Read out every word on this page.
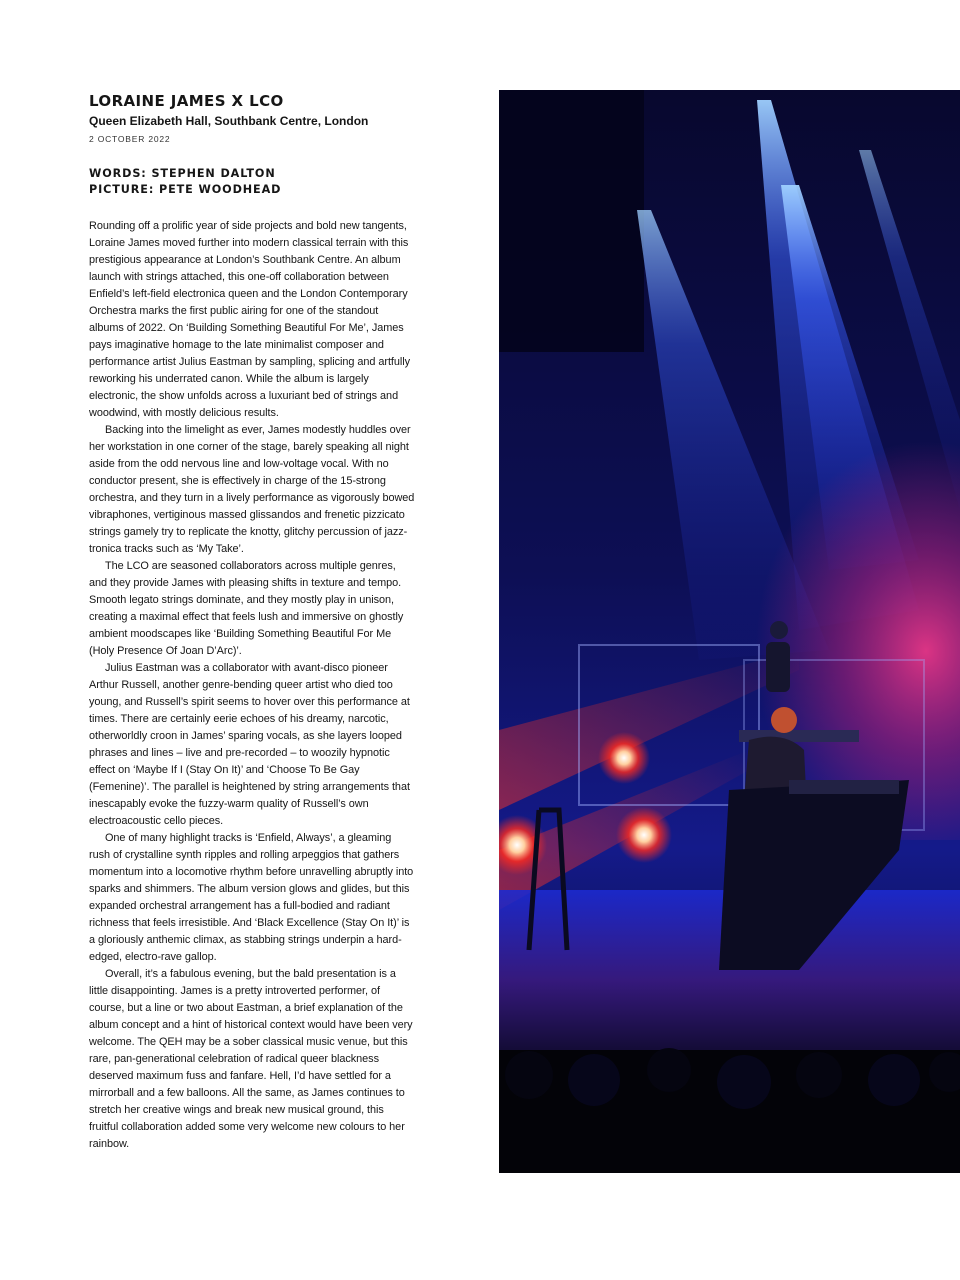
LORAINE JAMES X LCO

Queen Elizabeth Hall, Southbank Centre, London

2 OCTOBER 2022

WORDS: STEPHEN DALTON

PICTURE: PETE WOODHEAD

Rounding off a prolific year of side projects and bold new tangents, Loraine James moved further into modern classical terrain with this prestigious appearance at London’s Southbank Centre. An album launch with strings attached, this one-off collaboration between Enfield’s left-field electronica queen and the London Contemporary Orchestra marks the first public airing for one of the standout albums of 2022. On ‘Building Something Beautiful For Me’, James pays imaginative homage to the late minimalist composer and performance artist Julius Eastman by sampling, splicing and artfully reworking his underrated canon. While the album is largely electronic, the show unfolds across a luxuriant bed of strings and woodwind, with mostly delicious results.

Backing into the limelight as ever, James modestly huddles over her workstation in one corner of the stage, barely speaking all night aside from the odd nervous line and low-voltage vocal. With no conductor present, she is effectively in charge of the 15-strong orchestra, and they turn in a lively performance as vigorously bowed vibraphones, vertiginous massed glissandos and frenetic pizzicato strings gamely try to replicate the knotty, glitchy percussion of jazz-tronica tracks such as ‘My Take’.

The LCO are seasoned collaborators across multiple genres, and they provide James with pleasing shifts in texture and tempo. Smooth legato strings dominate, and they mostly play in unison, creating a maximal effect that feels lush and immersive on ghostly ambient moodscapes like ‘Building Something Beautiful For Me (Holy Presence Of Joan D’Arc)’.

Julius Eastman was a collaborator with avant-disco pioneer Arthur Russell, another genre-bending queer artist who died too young, and Russell’s spirit seems to hover over this performance at times. There are certainly eerie echoes of his dreamy, narcotic, otherworldly croon in James’ sparing vocals, as she layers looped phrases and lines – live and pre-recorded – to woozily hypnotic effect on ‘Maybe If I (Stay On It)’ and ‘Choose To Be Gay (Femenine)’. The parallel is heightened by string arrangements that inescapably evoke the fuzzy-warm quality of Russell’s own electroacoustic cello pieces.

One of many highlight tracks is ‘Enfield, Always’, a gleaming rush of crystalline synth ripples and rolling arpeggios that gathers momentum into a locomotive rhythm before unravelling abruptly into sparks and shimmers. The album version glows and glides, but this expanded orchestral arrangement has a full-bodied and radiant richness that feels irresistible. And ‘Black Excellence (Stay On It)’ is a gloriously anthemic climax, as stabbing strings underpin a hard-edged, electro-rave gallop.

Overall, it’s a fabulous evening, but the bald presentation is a little disappointing. James is a pretty introverted performer, of course, but a line or two about Eastman, a brief explanation of the album concept and a hint of historical context would have been very welcome. The QEH may be a sober classical music venue, but this rare, pan-generational celebration of radical queer blackness deserved maximum fuss and fanfare. Hell, I’d have settled for a mirrorball and a few balloons. All the same, as James continues to stretch her creative wings and break new musical ground, this fruitful collaboration added some very welcome new colours to her rainbow.
